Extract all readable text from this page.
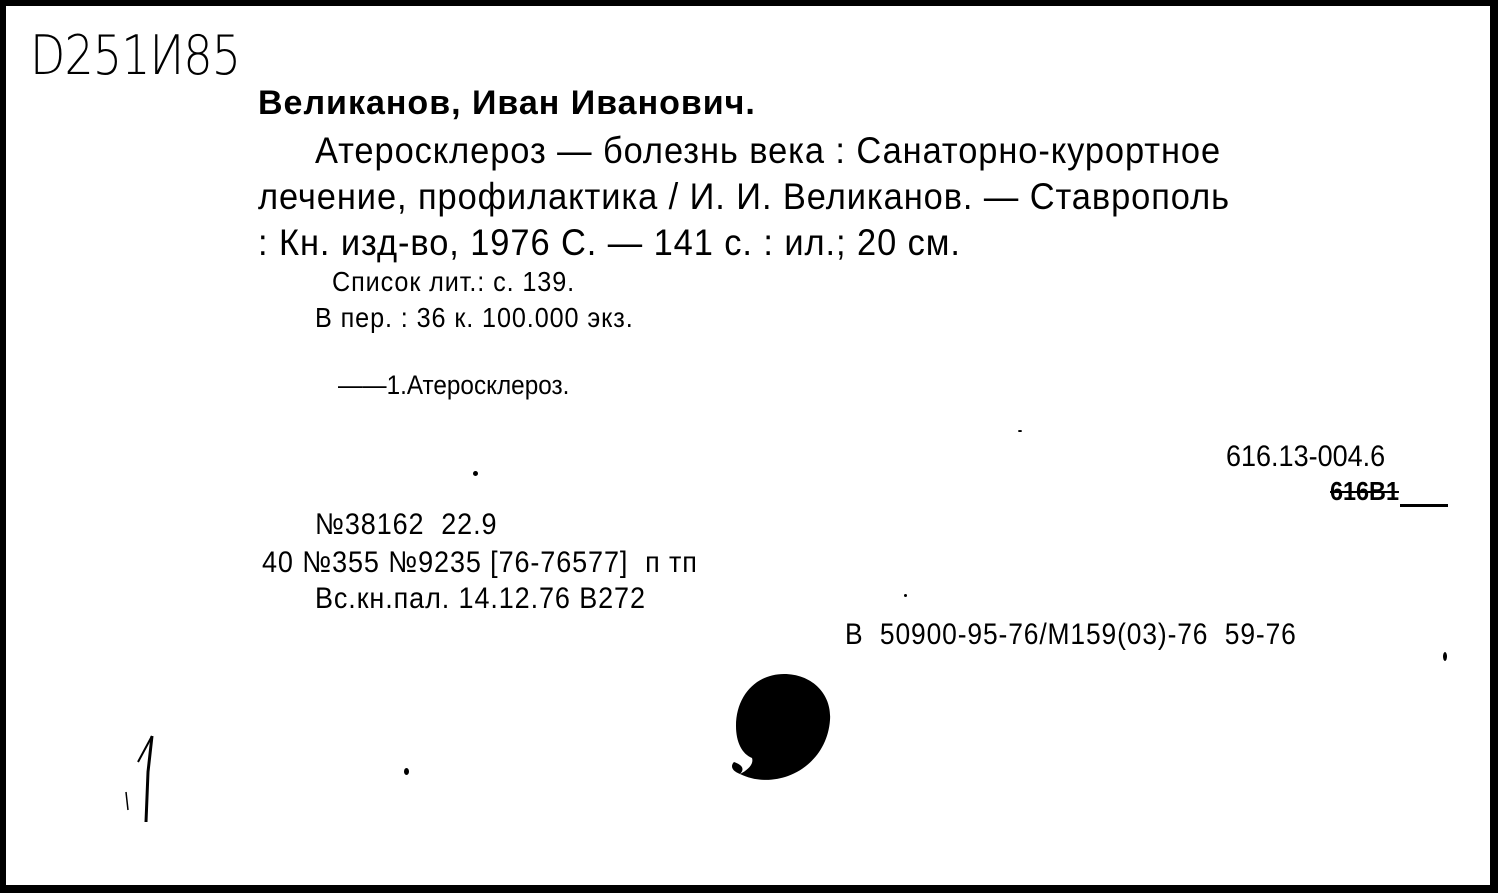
D251И85
Великанов, Иван Иванович.
Атеросклероз — болезнь века : Санаторно-курортное
лечение, профилактика / И. И. Великанов. — Ставрополь
: Кн. изд-во, 1976 С. — 141 с. : ил.; 20 см.
Список лит.: с. 139.
В пер. : 36 к. 100.000 экз.
——1.Атеросклероз.
616.13-004.6
616В1
№38162  22.9
40 №355 №9235 [76-76577]  п тп
Вс.кн.пал. 14.12.76 В272
В  50900-95-76/М159(03)-76  59-76
